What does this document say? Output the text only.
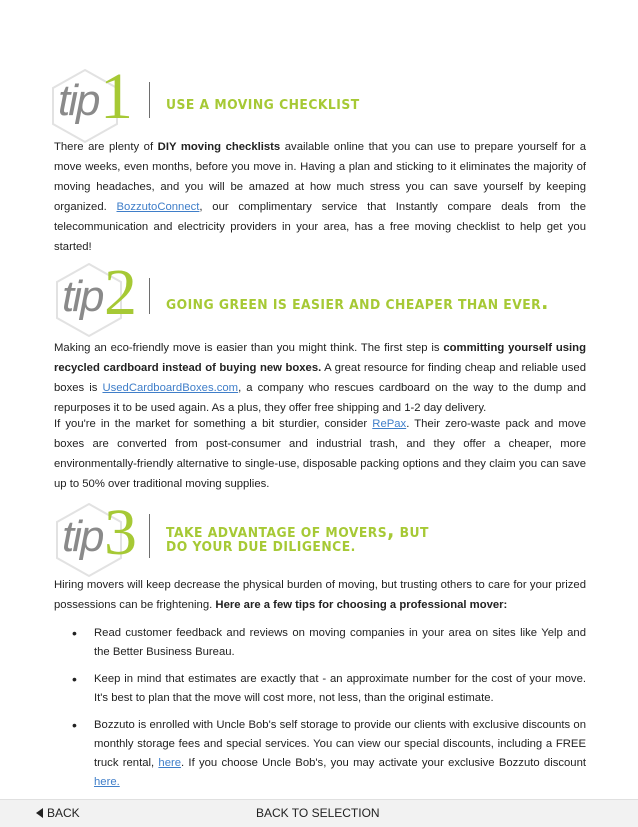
tip 1	USE A MOVING CHECKLIST
There are plenty of DIY moving checklists available online that you can use to prepare yourself for a move weeks, even months, before you move in. Having a plan and sticking to it eliminates the majority of moving headaches, and you will be amazed at how much stress you can save yourself by keeping organized. BozzutoConnect, our complimentary service that Instantly compare deals from the telecommunication and electricity providers in your area, has a free moving checklist to help get you started!
tip 2 GOING GREEN IS EASIER AND CHEAPER THAN EVER.
Making an eco-friendly move is easier than you might think. The first step is committing yourself using recycled cardboard instead of buying new boxes. A great resource for finding cheap and reliable used boxes is UsedCardboardBoxes.com, a company who rescues cardboard on the way to the dump and repurposes it to be used again. As a plus, they offer free shipping and 1-2 day delivery.
If you're in the market for something a bit sturdier, consider RePax. Their zero-waste pack and move boxes are converted from post-consumer and industrial trash, and they offer a cheaper, more environmentally-friendly alternative to single-use, disposable packing options and they claim you can save up to 50% over traditional moving supplies.
tip 3 TAKE ADVANTAGE OF MOVERS, BUT
DO YOUR DUE DILIGENCE.
Hiring movers will keep decrease the physical burden of moving, but trusting others to care for your prized possessions can be frightening. Here are a few tips for choosing a professional mover:
• Read customer feedback and reviews on moving companies in your area on sites like Yelp and the Better Business Bureau.
• Keep in mind that estimates are exactly that - an approximate number for the cost of your move. It's best to plan that the move will cost more, not less, than the original estimate.
• Bozzuto is enrolled with Uncle Bob's self storage to provide our clients with exclusive discounts on monthly storage fees and special services. You can view our special discounts, including a FREE truck rental, here. If you choose Uncle Bob's, you may activate your exclusive Bozzuto discount here.
BACK	BACK TO SELECTION
